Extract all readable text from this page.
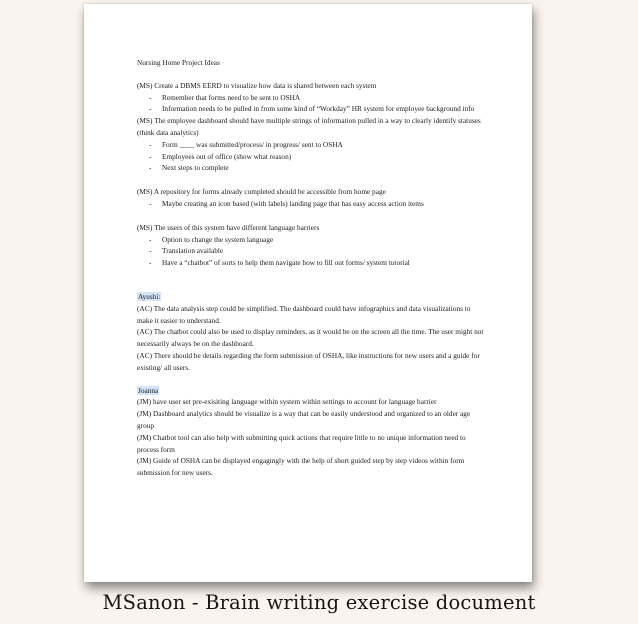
Nursing Home Project Ideas

(MS) Create a DBMS EERD to visualize how data is shared between each system

- Remember that forms need to be sent to OSHA
- Information needs to be pulled in from some kind of “Workday” HR system for employee background info

(MS) The employee dashboard should have multiple strings of information pulled in a way to clearly identify statuses (think data analytics)

- Form ____ was submitted/process/ in progress/ sent to OSHA
- Employees out of office (show what reason)
- Next steps to complete

(MS) A repository for forms already completed should be accessible from home page

- Maybe creating an icon based (with labels) landing page that has easy access action items

(MS) The users of this system have different language barriers

- Option to change the system language
- Translation available
- Have a “chatbot” of sorts to help them navigate how to fill out forms/ system tutorial

Ayushi:

(AC) The data analysis step could be simplified. The dashboard could have infographics and data visualizations to make it easier to understand.

(AC) The chatbot could also be used to display reminders, as it would be on the screen all the time. The user might not necessarily always be on the dashboard.

(AC) There should be details regarding the form submission of OSHA, like instructions for new users and a guide for existing/ all users.

Joanna

(JM) have user set pre-exisiting language within system within settings to account for language barrier

(JM) Dashboard analytics should be visualize is a way that can be easily understood and organized to an older age group

(JM) Chatbot tool can also help with submitting quick actions that require little to no unique information need to process form

(JM) Guide of OSHA can be displayed engagingly with the help of short guided step by step videos within form submission for new users.

MSanon - Brain writing exercise document
